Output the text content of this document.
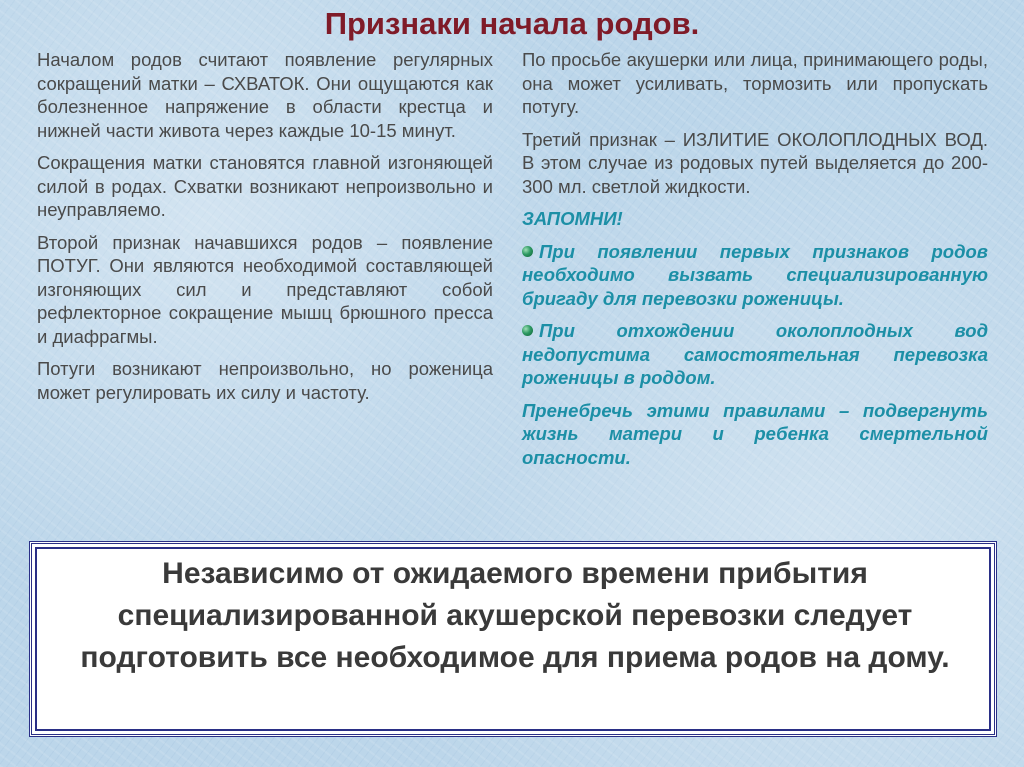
Признаки начала родов.

Началом родов считают появление регулярных сокращений матки – СХВАТОК. Они ощущаются как болезненное напряжение в области крестца и нижней части живота через каждые 10-15 минут.

Сокращения матки становятся главной изгоняющей силой в родах. Схватки возникают непроизвольно и неуправляемо.

Второй признак начавшихся родов – появление ПОТУГ. Они являются необходимой составляющей изгоняющих сил и представляют собой рефлекторное сокращение мышц брюшного пресса и диафрагмы.

Потуги возникают непроизвольно, но роженица может регулировать их силу и частоту.

По просьбе акушерки или лица, принимающего роды, она может усиливать, тормозить или пропускать потугу.

Третий признак – ИЗЛИТИЕ ОКОЛОПЛОДНЫХ ВОД. В этом случае из родовых путей выделяется до 200-300 мл. светлой жидкости.

ЗАПОМНИ!

При появлении первых признаков родов необходимо вызвать специализированную бригаду для перевозки роженицы.

При отхождении околоплодных вод недопустима самостоятельная перевозка роженицы в роддом.

Пренебречь этими правилами – подвергнуть жизнь матери и ребенка смертельной опасности.

Независимо от ожидаемого времени прибытия специализированной акушерской перевозки следует подготовить все необходимое для приема родов на дому.
